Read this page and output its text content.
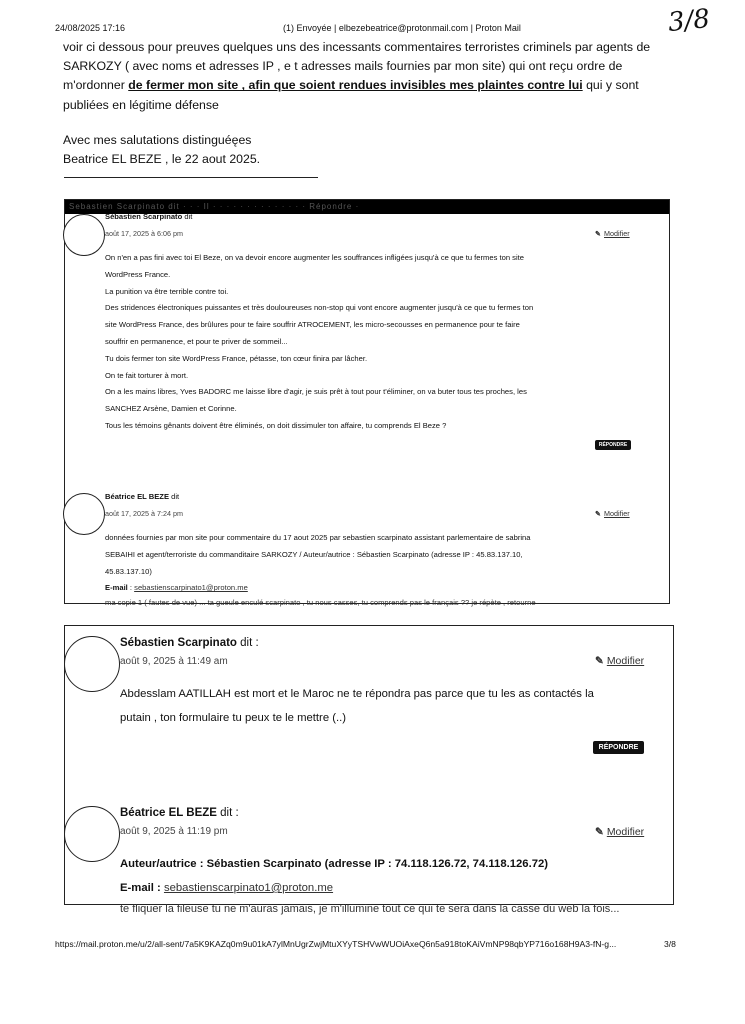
24/08/2025 17:16	(1) Envoyée | elbezebeatrice@protonmail.com | Proton Mail	3/8
voir ci dessous pour preuves quelques uns des incessants commentaires terroristes criminels par agents de
SARKOZY ( avec noms et adresses IP , e t adresses mails fournies par mon site) qui ont reçu ordre de
m'ordonner de fermer mon site , afin que soient rendues invisibles mes plaintes contre lui qui y sont
publiées en légitime défense
Avec mes salutations distinguéęes
Beatrice EL BEZE , le 22 aout 2025.
Sebastien Scarpinato dit · · · Il · · · · · · · · · · · · · · Répondre ·
Sébastien Scarpinato dit
août 17, 2025 à 6:06 pm	✎ Modifier
On n'en a pas fini avec toi El Beze, on va devoir encore augmenter les souffrances infligées jusqu'à ce que tu fermes ton site
WordPress France.
La punition va être terrible contre toi.
Des stridences électroniques puissantes et très douloureuses non-stop qui vont encore augmenter jusqu'à ce que tu fermes ton
site WordPress France, des brûlures pour te faire souffrir ATROCEMENT, les micro-secousses en permanence pour te faire
souffrir en permanence, et pour te priver de sommeil...
Tu dois fermer ton site WordPress France, pétasse, ton cœur finira par lâcher.
On te fait torturer à mort.
On a les mains libres, Yves BADORC me laisse libre d'agir, je suis prêt à tout pour t'éliminer, on va buter tous tes proches, les
SANCHEZ Arsène, Damien et Corinne.
Tous les témoins gênants doivent être éliminés, on doit dissimuler ton affaire, tu comprends El Beze ?
RÉPONDRE
Béatrice EL BEZE dit
août 17, 2025 à 7:24 pm	✎ Modifier
données fournies par mon site pour commentaire du 17 aout 2025 par sebastien scarpinato assistant parlementaire de sabrina
SEBAIHI et agent/terroriste du commanditaire SARKOZY / Auteur/autrice : Sébastien Scarpinato (adresse IP : 45.83.137.10,
45.83.137.10)
E-mail : sebastienscarpinato1@proton.me
ma copie 1 ( fautes de vue) ... ta gueule enculé scarpinato , tu nous casses, tu comprends pas le français ?? je répète , retourne
Sébastien Scarpinato dit :
août 9, 2025 à 11:49 am	✎ Modifier
Abdesslam AATILLAH est mort et le Maroc ne te répondra pas parce que tu les as contactés la
putain , ton formulaire tu peux te le mettre (..)
RÉPONDRE
Béatrice EL BEZE dit :
août 9, 2025 à 11:19 pm	✎ Modifier
Auteur/autrice : Sébastien Scarpinato (adresse IP : 74.118.126.72, 74.118.126.72)
E-mail : sebastienscarpinato1@proton.me
te fliquer la fileuse tu ne m'auras jamais, je m'illumine tout ce qui te sera dans la casse du web la fois...
https://mail.proton.me/u/2/all-sent/7a5K9KAZq0m9u01kA7ylMnUgrZwjMtuXYyTSHVwWUOiAxeQ6n5a918toKAiVmNP98qbYP716o168H9A3-fN-g...	3/8
